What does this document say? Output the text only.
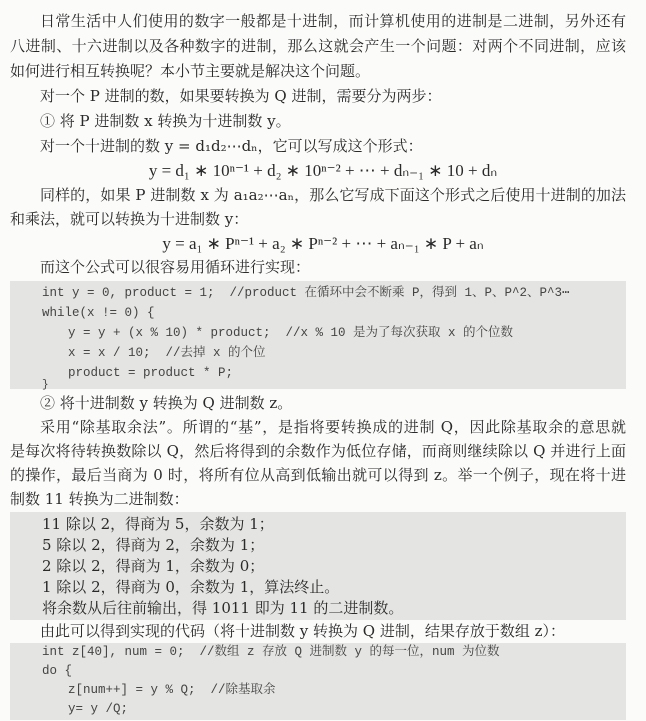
日常生活中人们使用的数字一般都是十进制，而计算机使用的进制是二进制，另外还有
八进制、十六进制以及各种数字的进制，那么这就会产生一个问题：对两个不同进制，应该
如何进行相互转换呢？本小节主要就是解决这个问题。
对一个 P 进制的数，如果要转换为 Q 进制，需要分为两步：
① 将 P 进制数 x 转换为十进制数 y。
对一个十进制的数 y = d₁d₂⋯dₙ，它可以写成这个形式：
y = d₁ ∗ 10ⁿ⁻¹ + d₂ ∗ 10ⁿ⁻² + ⋯ + dₙ₋₁ ∗ 10 + dₙ
同样的，如果 P 进制数 x 为 a₁a₂⋯aₙ，那么它写成下面这个形式之后使用十进制的加法
和乘法，就可以转换为十进制数 y：
y = a₁ ∗ Pⁿ⁻¹ + a₂ ∗ Pⁿ⁻² + ⋯ + aₙ₋₁ ∗ P + aₙ
而这个公式可以很容易用循环进行实现：
int y = 0, product = 1;  //product 在循环中会不断乘 P，得到 1、P、P^2、P^3⋯
while(x != 0) {
y = y + (x % 10) * product;  //x % 10 是为了每次获取 x 的个位数
x = x / 10;  //去掉 x 的个位
product = product * P;
}
② 将十进制数 y 转换为 Q 进制数 z。
采用“除基取余法”。所谓的“基”，是指将要转换成的进制 Q，因此除基取余的意思就
是每次将待转换数除以 Q，然后将得到的余数作为低位存储，而商则继续除以 Q 并进行上面
的操作，最后当商为 0 时，将所有位从高到低输出就可以得到 z。举一个例子，现在将十进
制数 11 转换为二进制数：
11 除以 2，得商为 5，余数为 1；
5 除以 2，得商为 2，余数为 1；
2 除以 2，得商为 1，余数为 0；
1 除以 2，得商为 0，余数为 1，算法终止。
将余数从后往前输出，得 1011 即为 11 的二进制数。
由此可以得到实现的代码（将十进制数 y 转换为 Q 进制，结果存放于数组 z）：
int z[40], num = 0;  //数组 z 存放 Q 进制数 y 的每一位，num 为位数
do {
z[num++] = y % Q;  //除基取余
y= y /Q;
